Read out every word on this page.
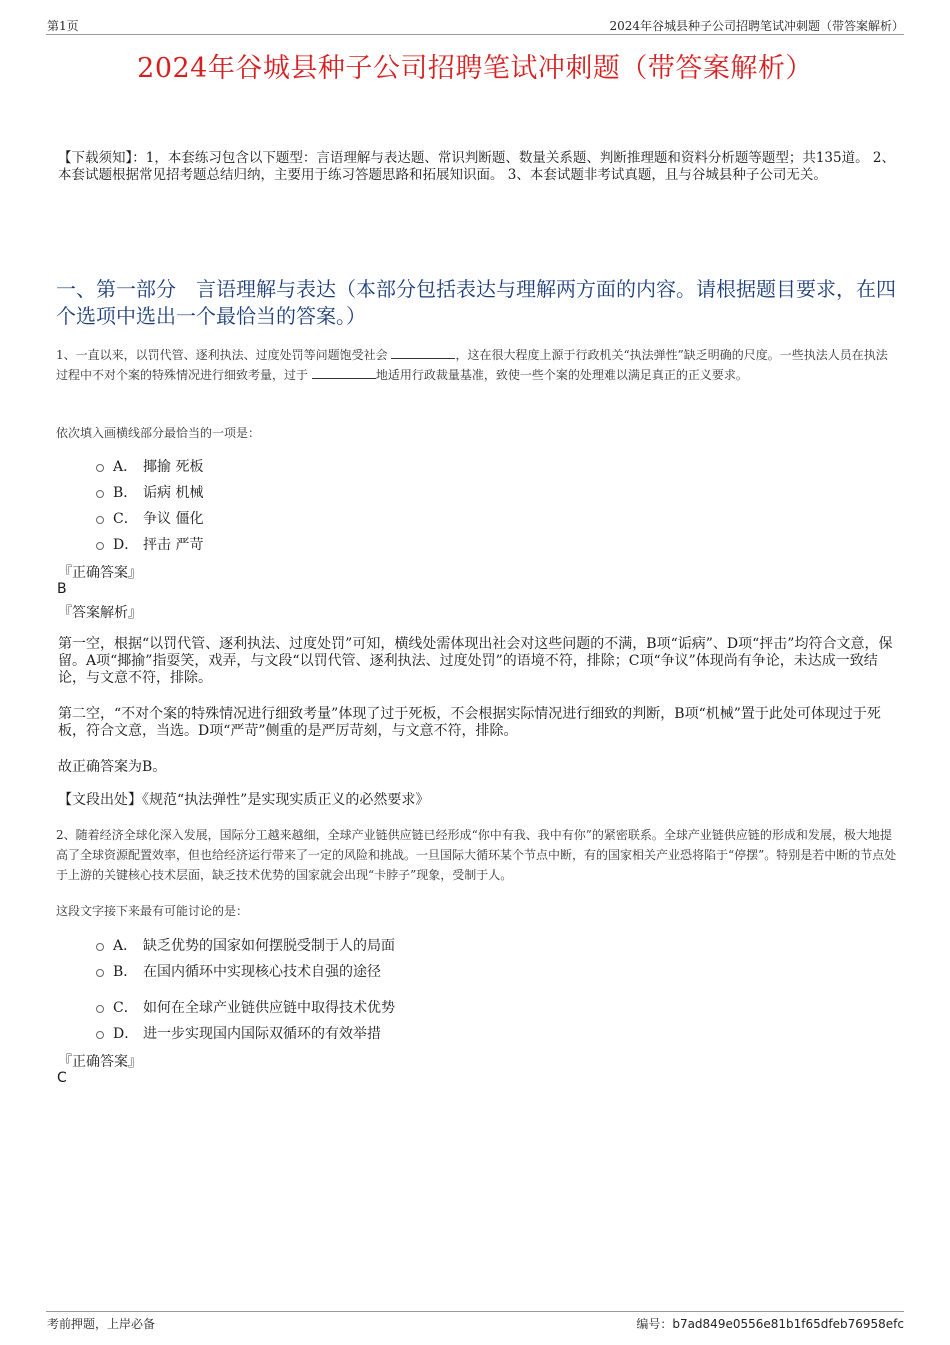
第1页	2024年谷城县种子公司招聘笔试冲刺题（带答案解析）
2024年谷城县种子公司招聘笔试冲刺题（带答案解析）
【下载须知】：1，本套练习包含以下题型：言语理解与表达题、常识判断题、数量关系题、判断推理题和资料分析题等题型；共135道。 2、本套试题根据常见招考题总结归纳，主要用于练习答题思路和拓展知识面。 3、本套试题非考试真题，且与谷城县种子公司无关。
一、第一部分　言语理解与表达（本部分包括表达与理解两方面的内容。请根据题目要求，在四个选项中选出一个最恰当的答案。）
1、一直以来，以罚代管、逐利执法、过度处罚等问题饱受社会	，这在很大程度上源于行政机关“执法弹性”缺乏明确的尺度。一些执法人员在执法过程中不对个案的特殊情况进行细致考量，过于	地适用行政裁量基准，致使一些个案的处理难以满足真正的正义要求。
依次填入画横线部分最恰当的一项是：
A． 揶揄 死板
B． 诟病 机械
C． 争议 僵化
D． 抨击 严苛
『正确答案』
B
『答案解析』
第一空，根据“以罚代管、逐利执法、过度处罚”可知，横线处需体现出社会对这些问题的不满，B项“诟病”、D项“抨击”均符合文意，保留。A项“揶揄”指耍笑，戏弄，与文段“以罚代管、逐利执法、过度处罚”的语境不符，排除；C项“争议”体现尚有争论，未达成一致结论，与文意不符，排除。
第二空，“不对个案的特殊情况进行细致考量”体现了过于死板，不会根据实际情况进行细致的判断，B项“机械”置于此处可体现过于死板，符合文意，当选。D项“严苛”侧重的是严厉苛刻，与文意不符，排除。
故正确答案为B。
【文段出处】《规范“执法弹性”是实现实质正义的必然要求》
2、随着经济全球化深入发展，国际分工越来越细，全球产业链供应链已经形成“你中有我、我中有你”的紧密联系。全球产业链供应链的形成和发展，极大地提高了全球资源配置效率，但也给经济运行带来了一定的风险和挑战。一旦国际大循环某个节点中断，有的国家相关产业恐将陷于“停摆”。特别是若中断的节点处于上游的关键核心技术层面，缺乏技术优势的国家就会出现“卡脖子”现象，受制于人。
这段文字接下来最有可能讨论的是：
A． 缺乏优势的国家如何摆脱受制于人的局面
B． 在国内循环中实现核心技术自强的途径
C． 如何在全球产业链供应链中取得技术优势
D． 进一步实现国内国际双循环的有效举措
『正确答案』
C
考前押题，上岸必备	编号：b7ad849e0556e81b1f65dfeb76958efc
